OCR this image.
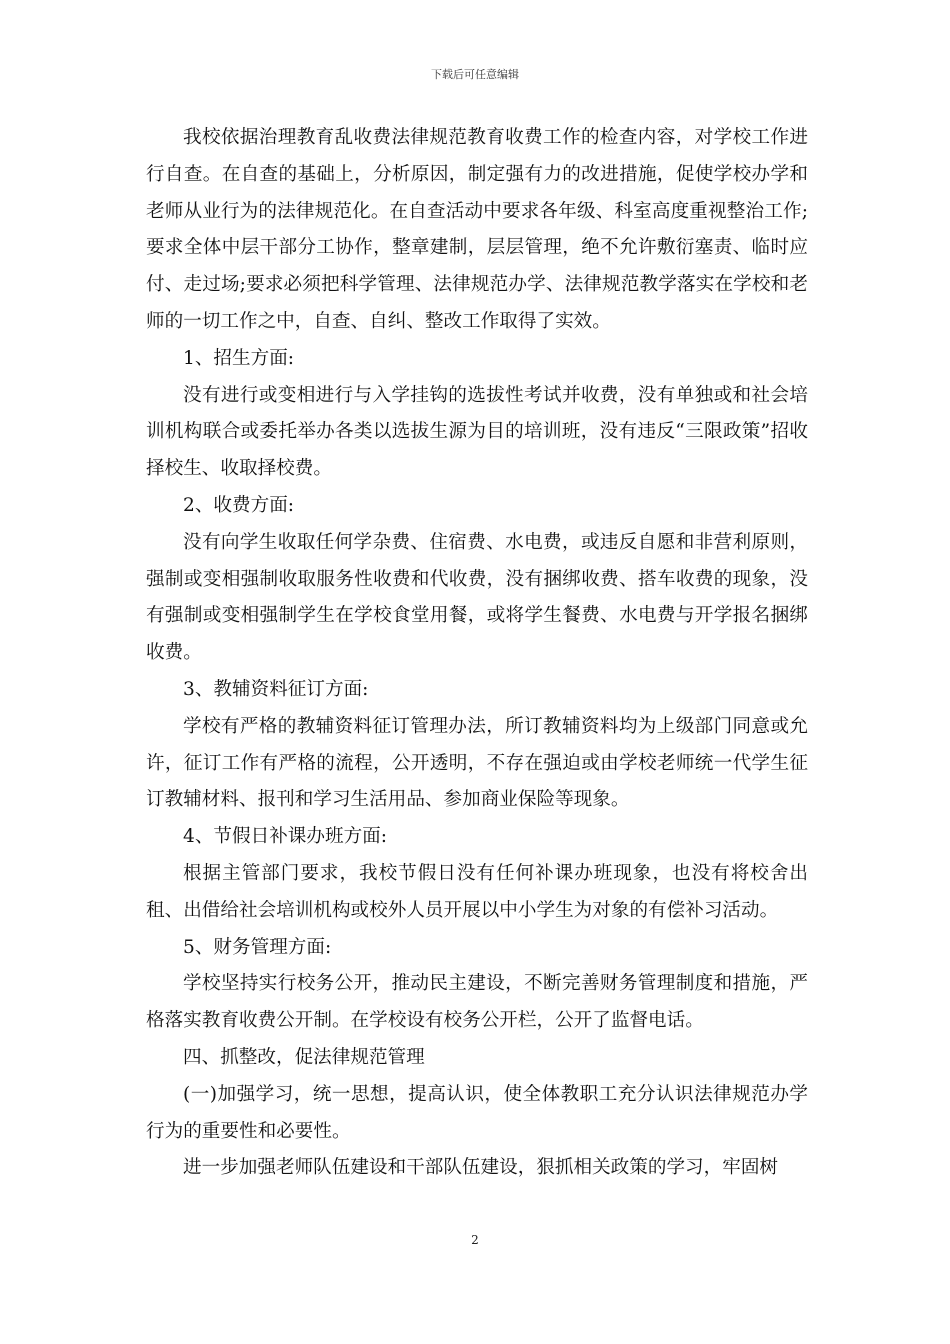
下载后可任意编辑

我校依据治理教育乱收费法律规范教育收费工作的检查内容，对学校工作进行自查。在自查的基础上，分析原因，制定强有力的改进措施，促使学校办学和老师从业行为的法律规范化。在自查活动中要求各年级、科室高度重视整治工作;要求全体中层干部分工协作，整章建制，层层管理，绝不允许敷衍塞责、临时应付、走过场;要求必须把科学管理、法律规范办学、法律规范教学落实在学校和老师的一切工作之中，自查、自纠、整改工作取得了实效。

1、招生方面:

没有进行或变相进行与入学挂钩的选拔性考试并收费，没有单独或和社会培训机构联合或委托举办各类以选拔生源为目的培训班，没有违反“三限政策”招收择校生、收取择校费。

2、收费方面:

没有向学生收取任何学杂费、住宿费、水电费，或违反自愿和非营利原则，强制或变相强制收取服务性收费和代收费，没有捆绑收费、搭车收费的现象，没有强制或变相强制学生在学校食堂用餐，或将学生餐费、水电费与开学报名捆绑收费。

3、教辅资料征订方面:

学校有严格的教辅资料征订管理办法，所订教辅资料均为上级部门同意或允许，征订工作有严格的流程，公开透明，不存在强迫或由学校老师统一代学生征订教辅材料、报刊和学习生活用品、参加商业保险等现象。

4、节假日补课办班方面:

根据主管部门要求，我校节假日没有任何补课办班现象，也没有将校舍出租、出借给社会培训机构或校外人员开展以中小学生为对象的有偿补习活动。

5、财务管理方面:

学校坚持实行校务公开，推动民主建设，不断完善财务管理制度和措施，严格落实教育收费公开制。在学校设有校务公开栏，公开了监督电话。

四、抓整改，促法律规范管理

(一)加强学习，统一思想，提高认识，使全体教职工充分认识法律规范办学行为的重要性和必要性。

进一步加强老师队伍建设和干部队伍建设，狠抓相关政策的学习，牢固树

2
